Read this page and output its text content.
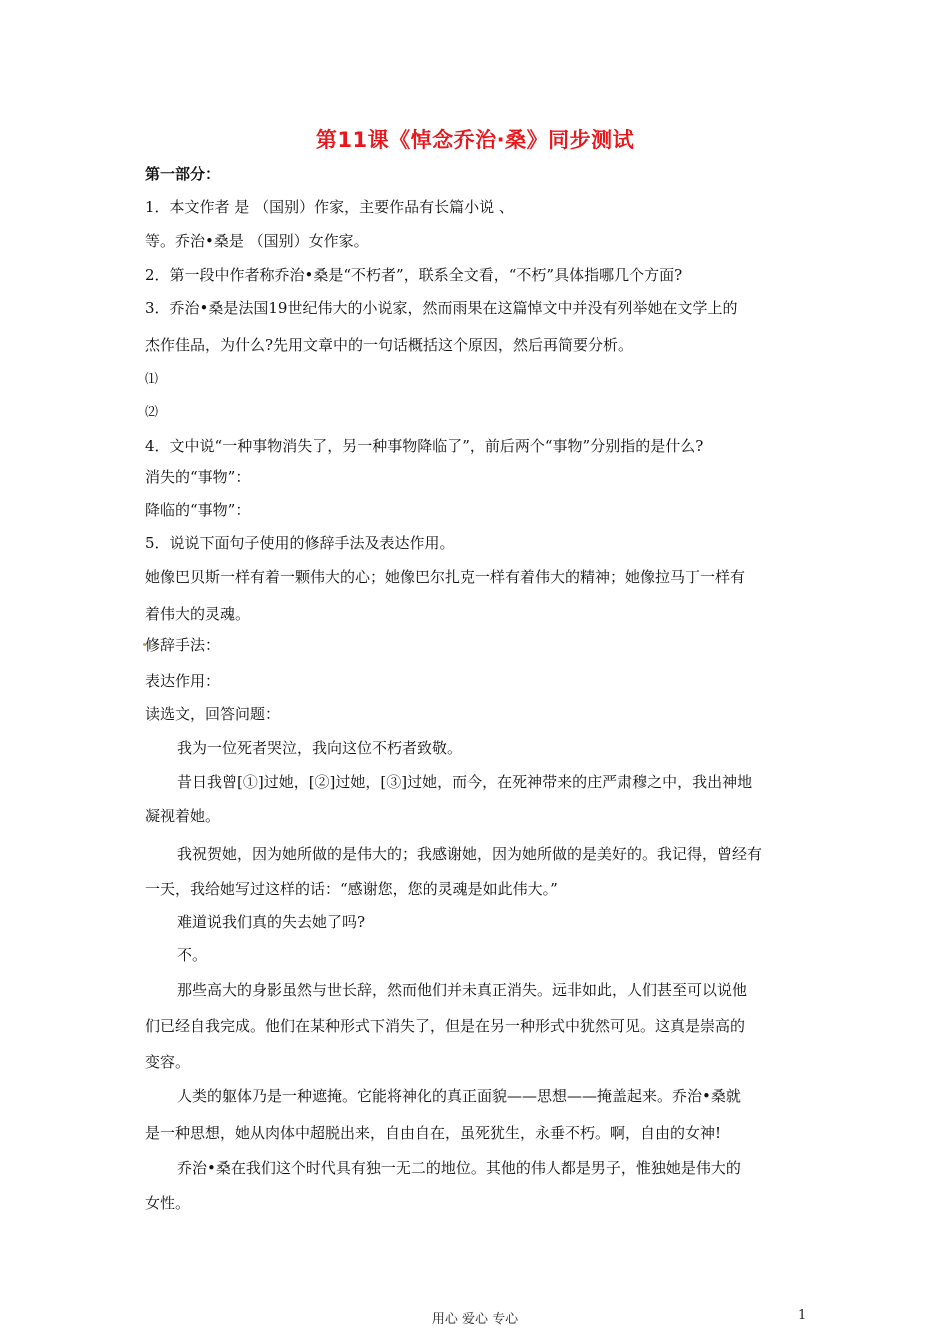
第11课《悼念乔治·桑》同步测试
第一部分：
1．本文作者 是 （国别）作家，主要作品有长篇小说 、
等。乔治•桑是 （国别）女作家。
2．第一段中作者称乔治•桑是“不朽者”，联系全文看，“不朽”具体指哪几个方面?
3．乔治•桑是法国19世纪伟大的小说家，然而雨果在这篇悼文中并没有列举她在文学上的
杰作佳品，为什么?先用文章中的一句话概括这个原因，然后再简要分析。
⑴
⑵
4．文中说“一种事物消失了，另一种事物降临了”，前后两个“事物”分别指的是什么?
消失的“事物”：
降临的“事物”：
5．说说下面句子使用的修辞手法及表达作用。
她像巴贝斯一样有着一颗伟大的心；她像巴尔扎克一样有着伟大的精神；她像拉马丁一样有
着伟大的灵魂。
修辞手法：
表达作用：
读选文，回答问题：
我为一位死者哭泣，我向这位不朽者致敬。
昔日我曾[①]过她，[②]过她，[③]过她，而今，在死神带来的庄严肃穆之中，我出神地
凝视着她。
我祝贺她，因为她所做的是伟大的；我感谢她，因为她所做的是美好的。我记得，曾经有
一天，我给她写过这样的话：“感谢您，您的灵魂是如此伟大。”
难道说我们真的失去她了吗?
不。
那些高大的身影虽然与世长辞，然而他们并未真正消失。远非如此，人们甚至可以说他
们已经自我完成。他们在某种形式下消失了，但是在另一种形式中犹然可见。这真是崇高的
变容。
人类的躯体乃是一种遮掩。它能将神化的真正面貌——思想——掩盖起来。乔治•桑就
是一种思想，她从肉体中超脱出来，自由自在，虽死犹生，永垂不朽。啊，自由的女神!
乔治•桑在我们这个时代具有独一无二的地位。其他的伟人都是男子，惟独她是伟大的
女性。
用心 爱心 专心	1
